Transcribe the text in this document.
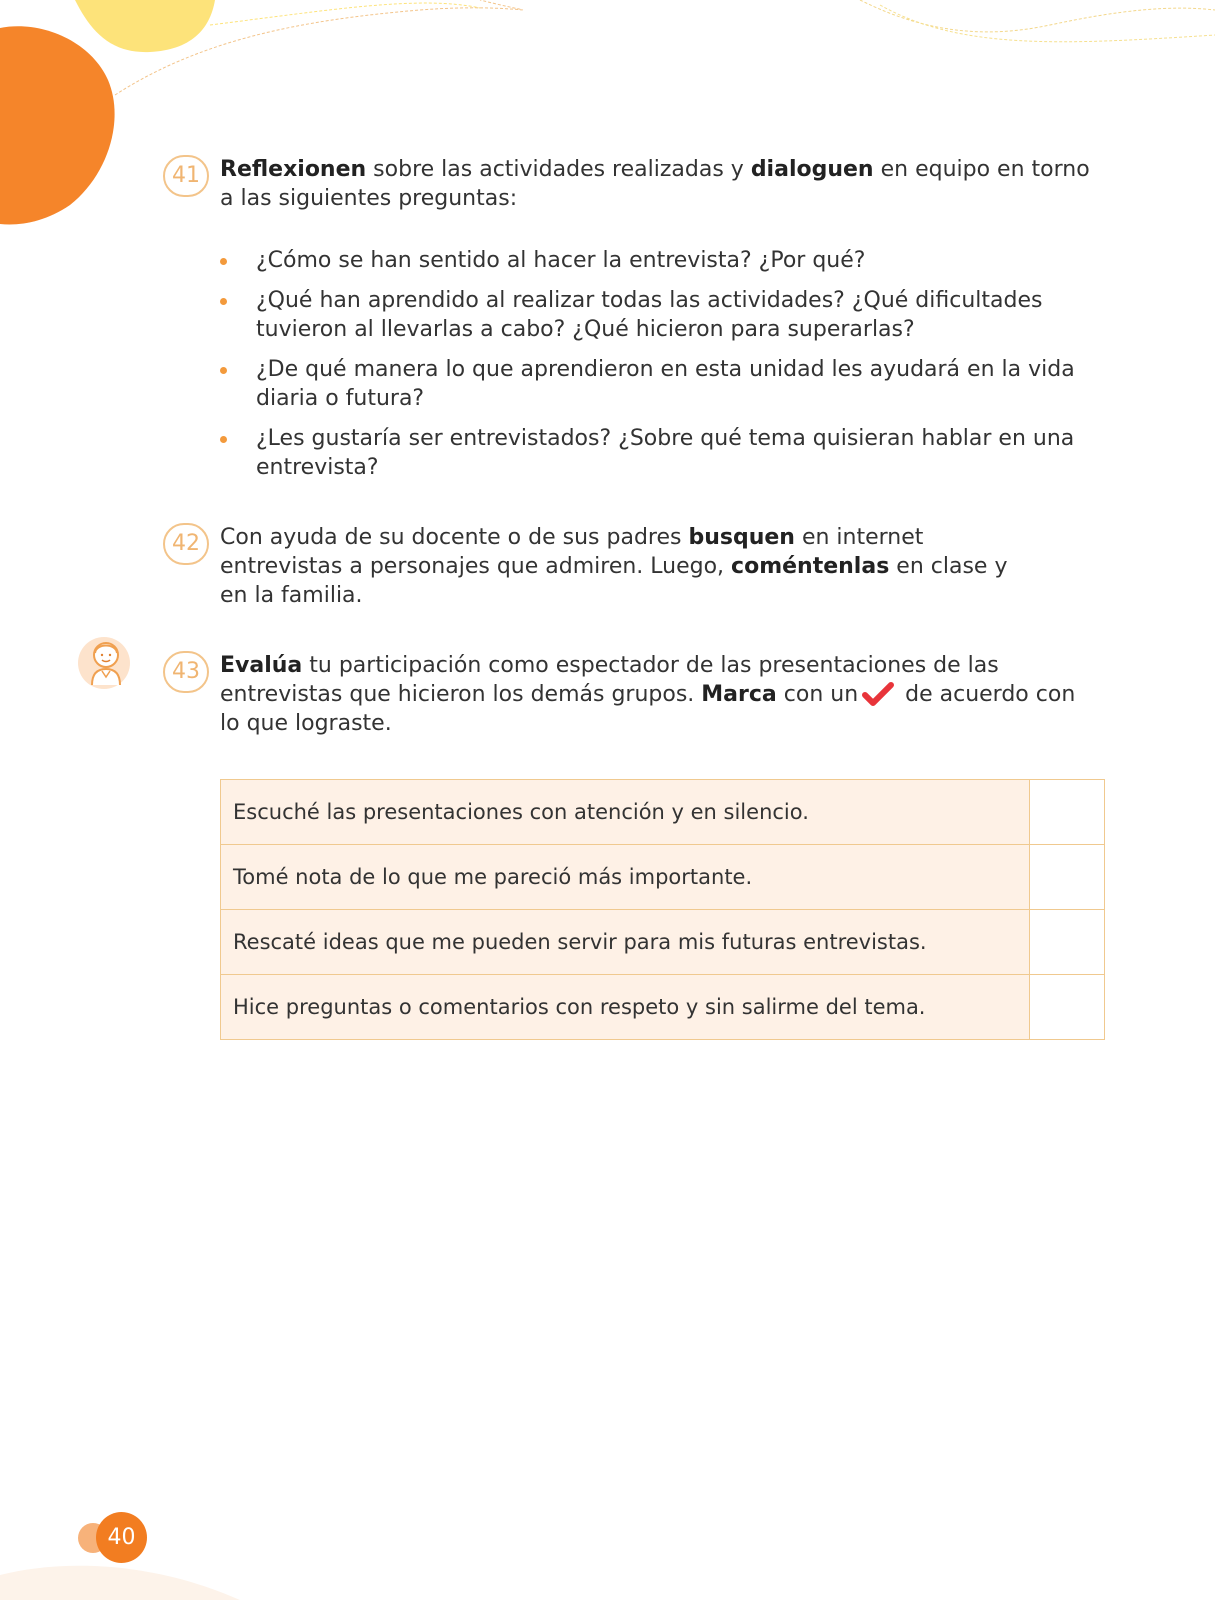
41 Reflexionen sobre las actividades realizadas y dialoguen en equipo en torno a las siguientes preguntas:

¿Cómo se han sentido al hacer la entrevista? ¿Por qué?
¿Qué han aprendido al realizar todas las actividades? ¿Qué dificultades tuvieron al llevarlas a cabo? ¿Qué hicieron para superarlas?
¿De qué manera lo que aprendieron en esta unidad les ayudará en la vida diaria o futura?
¿Les gustaría ser entrevistados? ¿Sobre qué tema quisieran hablar en una entrevista?
42 Con ayuda de su docente o de sus padres busquen en internet entrevistas a personajes que admiren. Luego, coméntenlas en clase y en la familia.

43 Evalúa tu participación como espectador de las presentaciones de las entrevistas que hicieron los demás grupos. Marca con un de acuerdo con lo que lograste.

Escuché las presentaciones con atención y en silencio.	
Tomé nota de lo que me pareció más importante.	
Rescaté ideas que me pueden servir para mis futuras entrevistas.	
Hice preguntas o comentarios con respeto y sin salirme del tema.	
40
